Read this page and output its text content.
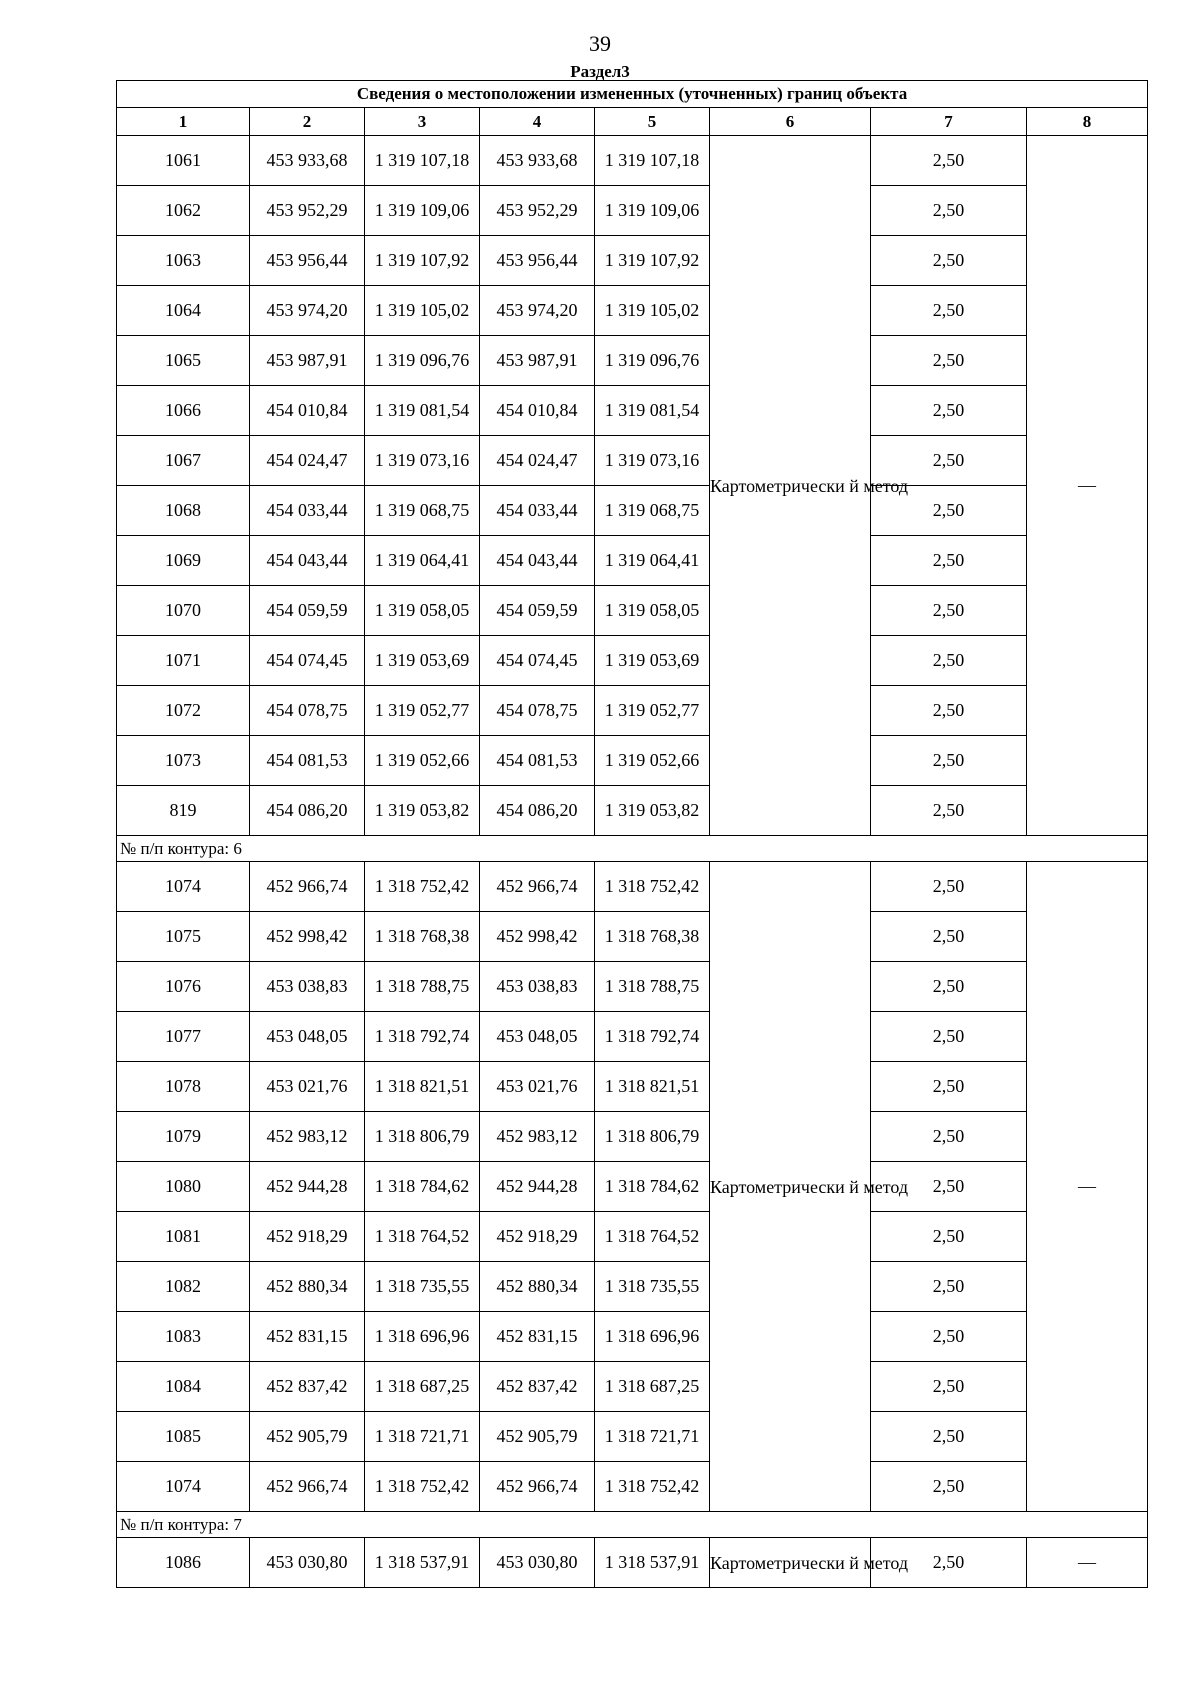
39
Раздел3
Сведения о местоположении измененных (уточненных) границ объекта							
1	2	3	4	5	6	7	8
1061	453 933,68	1 319 107,18	453 933,68	1 319 107,18	Картометрически й метод	2,50	—
1062	453 952,29	1 319 109,06	453 952,29	1 319 109,06		2,50	
1063	453 956,44	1 319 107,92	453 956,44	1 319 107,92		2,50	
1064	453 974,20	1 319 105,02	453 974,20	1 319 105,02		2,50	
1065	453 987,91	1 319 096,76	453 987,91	1 319 096,76		2,50	
1066	454 010,84	1 319 081,54	454 010,84	1 319 081,54		2,50	
1067	454 024,47	1 319 073,16	454 024,47	1 319 073,16		2,50	
1068	454 033,44	1 319 068,75	454 033,44	1 319 068,75		2,50	
1069	454 043,44	1 319 064,41	454 043,44	1 319 064,41		2,50	
1070	454 059,59	1 319 058,05	454 059,59	1 319 058,05		2,50	
1071	454 074,45	1 319 053,69	454 074,45	1 319 053,69		2,50	
1072	454 078,75	1 319 052,77	454 078,75	1 319 052,77		2,50	
1073	454 081,53	1 319 052,66	454 081,53	1 319 052,66		2,50	
819	454 086,20	1 319 053,82	454 086,20	1 319 053,82		2,50	
№ п/п контура: 6							
1074	452 966,74	1 318 752,42	452 966,74	1 318 752,42	Картометрически й метод	2,50	—
1075	452 998,42	1 318 768,38	452 998,42	1 318 768,38		2,50	
1076	453 038,83	1 318 788,75	453 038,83	1 318 788,75		2,50	
1077	453 048,05	1 318 792,74	453 048,05	1 318 792,74		2,50	
1078	453 021,76	1 318 821,51	453 021,76	1 318 821,51		2,50	
1079	452 983,12	1 318 806,79	452 983,12	1 318 806,79		2,50	
1080	452 944,28	1 318 784,62	452 944,28	1 318 784,62		2,50	
1081	452 918,29	1 318 764,52	452 918,29	1 318 764,52		2,50	
1082	452 880,34	1 318 735,55	452 880,34	1 318 735,55		2,50	
1083	452 831,15	1 318 696,96	452 831,15	1 318 696,96		2,50	
1084	452 837,42	1 318 687,25	452 837,42	1 318 687,25		2,50	
1085	452 905,79	1 318 721,71	452 905,79	1 318 721,71		2,50	
1074	452 966,74	1 318 752,42	452 966,74	1 318 752,42		2,50	
№ п/п контура: 7							
1086	453 030,80	1 318 537,91	453 030,80	1 318 537,91	Картометрически й метод	2,50	—
